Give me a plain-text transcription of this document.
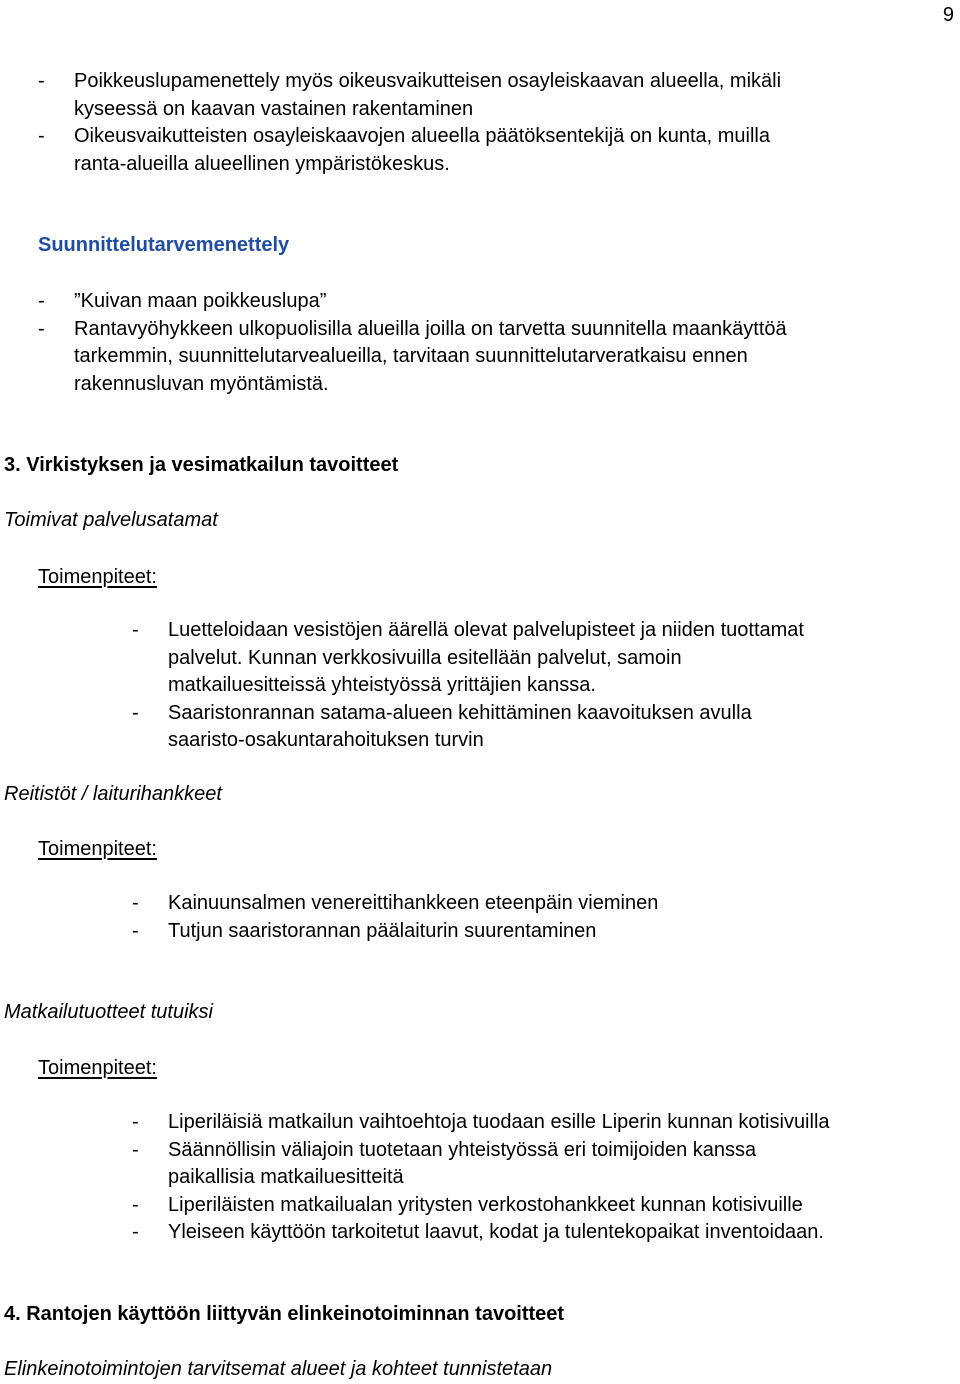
9
-	Poikkeuslupamenettely myös oikeusvaikutteisen osayleiskaavan alueella, mikäli
kyseessä on kaavan vastainen rakentaminen
-	Oikeusvaikutteisten osayleiskaavojen alueella päätöksentekijä on kunta, muilla
ranta-alueilla alueellinen ympäristökeskus.
Suunnittelutarvemenettely
-	”Kuivan maan poikkeuslupa”
-	Rantavyöhykkeen ulkopuolisilla alueilla joilla on tarvetta suunnitella maankäyttöä
tarkemmin, suunnittelutarvealueilla, tarvitaan suunnittelutarveratkaisu ennen
rakennusluvan myöntämistä.
3. Virkistyksen ja vesimatkailun tavoitteet
Toimivat palvelusatamat
Toimenpiteet:
-	Luetteloidaan vesistöjen äärellä olevat palvelupisteet ja niiden tuottamat
palvelut. Kunnan verkkosivuilla esitellään palvelut, samoin
matkailuesitteissä yhteistyössä yrittäjien kanssa.
-	Saaristonrannan satama-alueen kehittäminen kaavoituksen avulla
saaristo-osakuntarahoituksen turvin
Reitistöt / laiturihankkeet
Toimenpiteet:
-	Kainuunsalmen venereittihankkeen eteenpäin vieminen
-	Tutjun saaristorannan päälaiturin suurentaminen
Matkailutuotteet tutuiksi
Toimenpiteet:
-	Liperiläisiä matkailun vaihtoehtoja tuodaan esille Liperin kunnan kotisivuilla
-	Säännöllisin väliajoin tuotetaan yhteistyössä eri toimijoiden kanssa
paikallisia matkailuesitteitä
-	Liperiläisten matkailualan yritysten verkostohankkeet kunnan kotisivuille
-	Yleiseen käyttöön tarkoitetut laavut, kodat ja tulentekopaikat inventoidaan.
4. Rantojen käyttöön liittyvän elinkeinotoiminnan tavoitteet
Elinkeinotoimintojen tarvitsemat alueet ja kohteet tunnistetaan
